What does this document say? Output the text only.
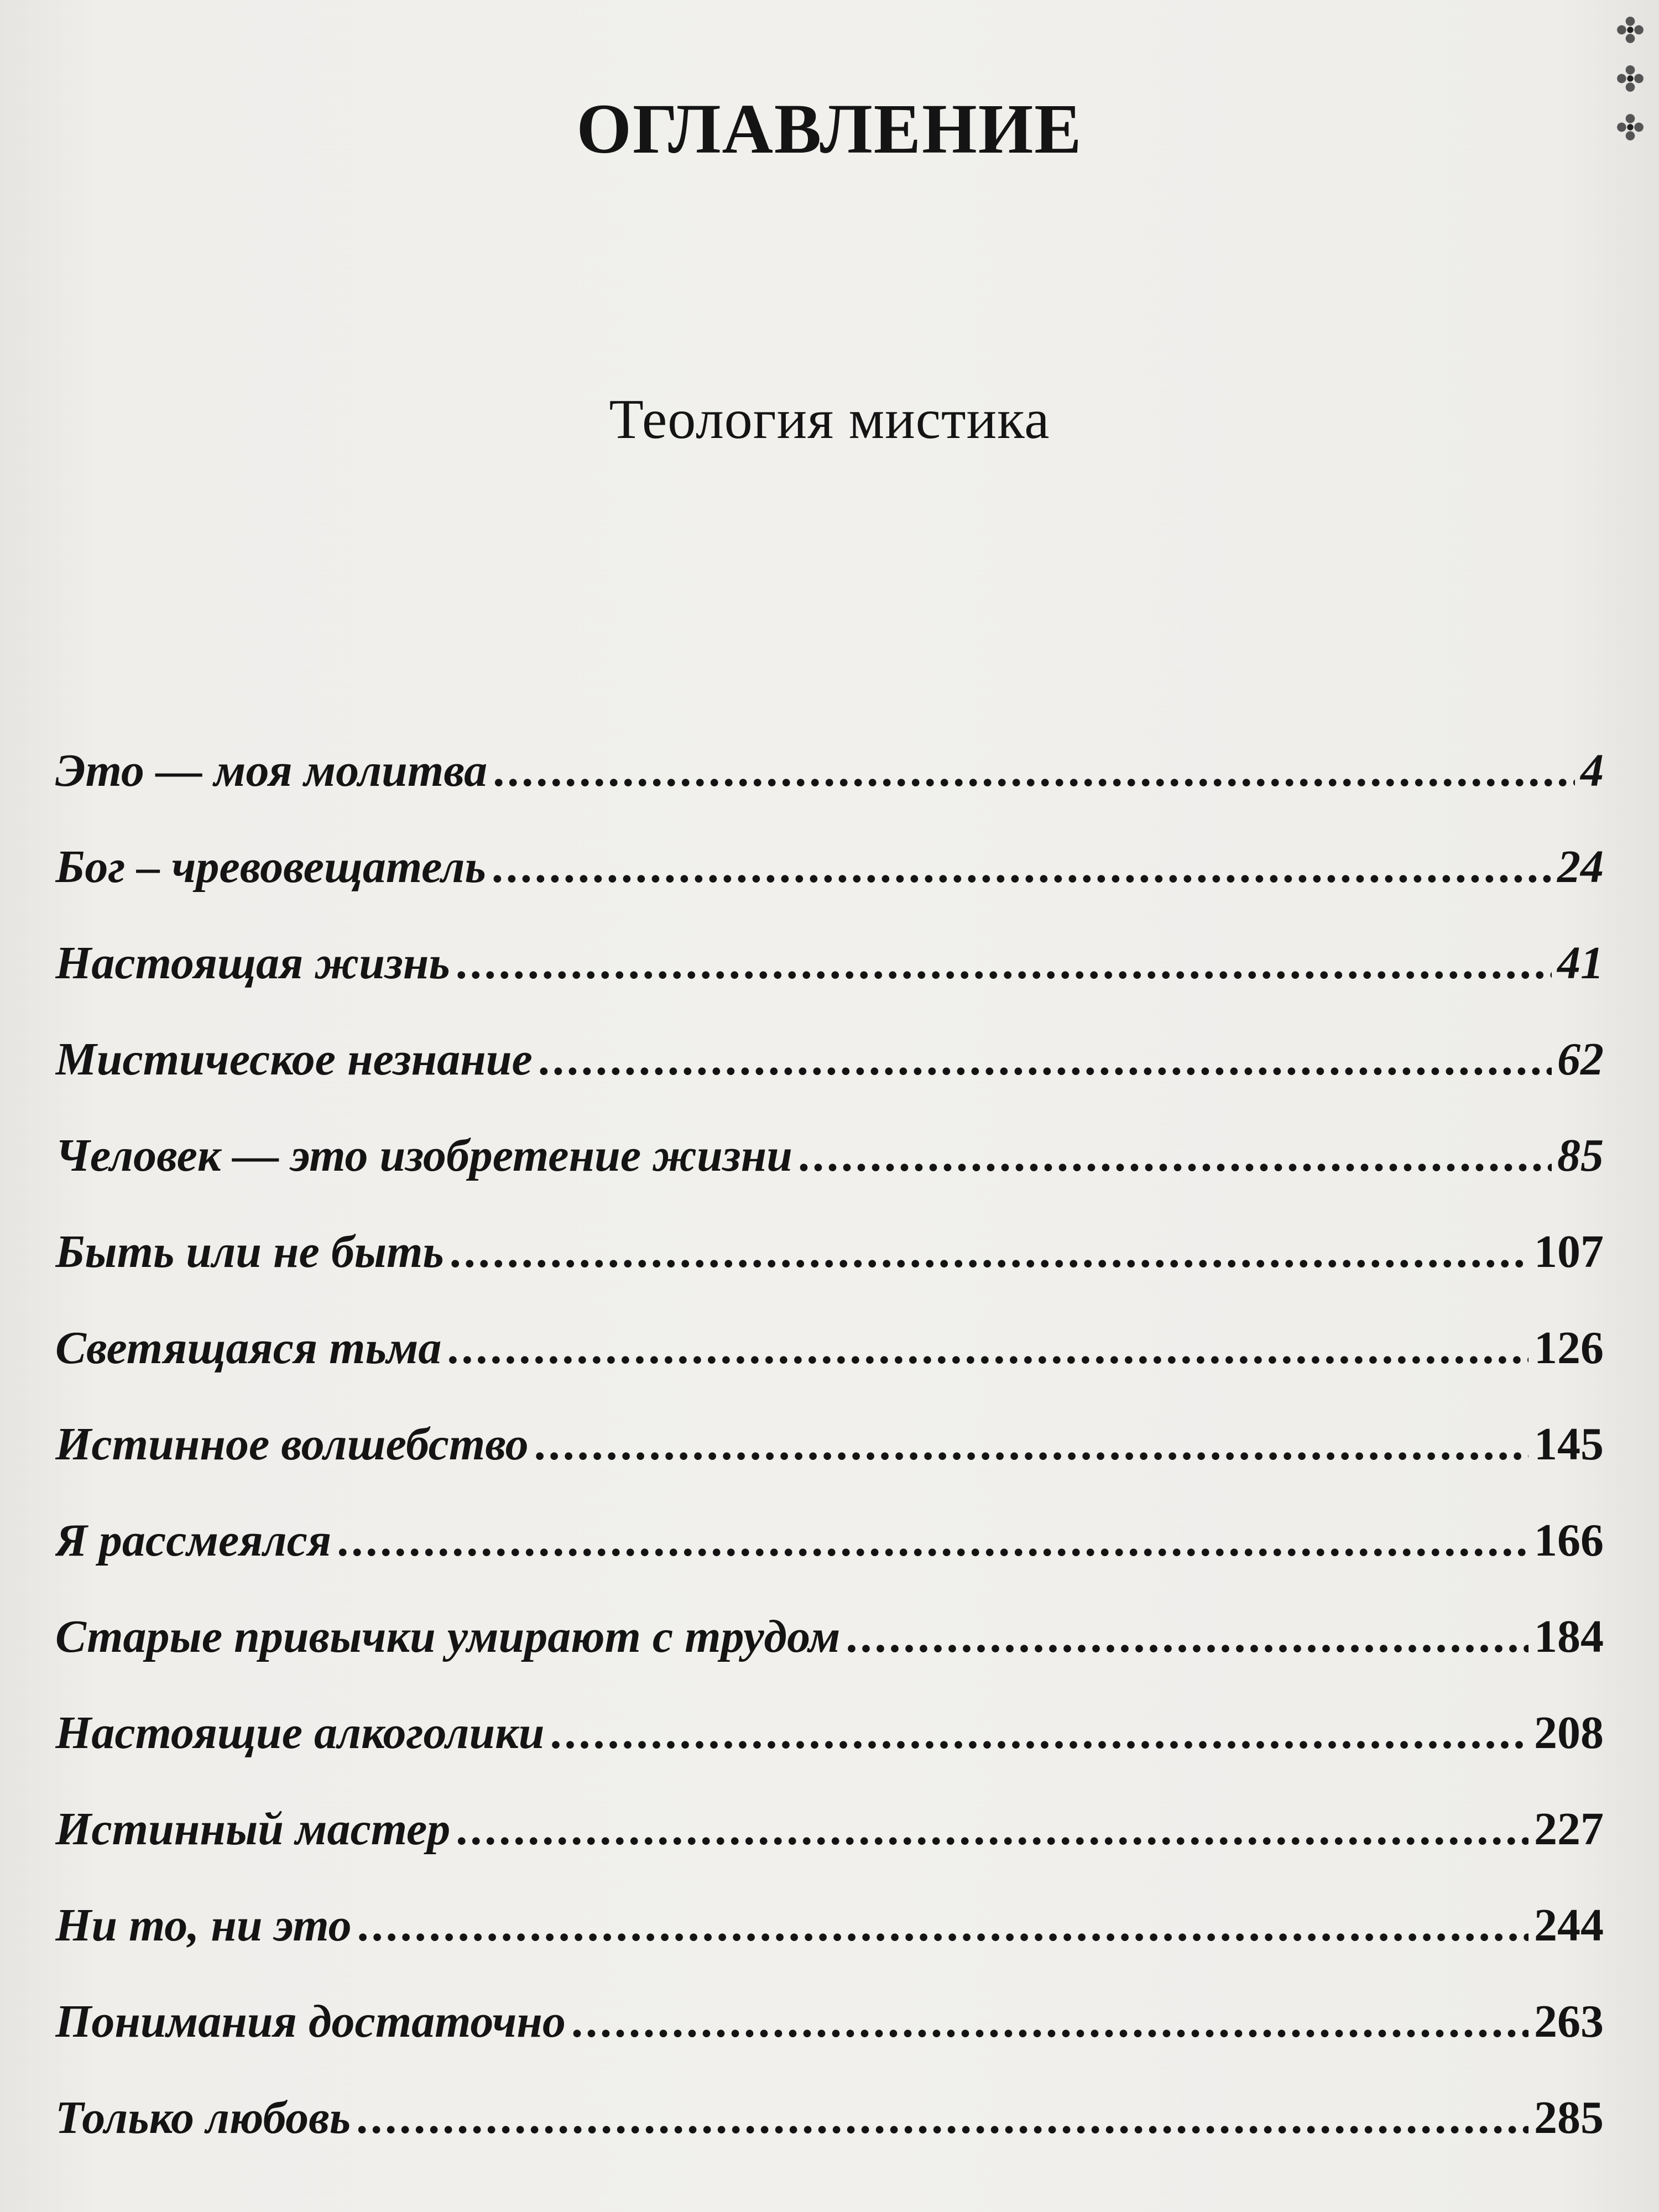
ОГЛАВЛЕНИЕ
Теология мистика
Это — моя молитва .....	4
Бог – чревовещатель .....	24
Настоящая жизнь .....	41
Мистическое незнание .....	62
Человек — это изобретение жизни .....	85
Быть или не быть .....	107
Светящаяся тьма .....	126
Истинное волшебство .....	145
Я рассмеялся .....	166
Старые привычки умирают с трудом .....	184
Настоящие алкоголики .....	208
Истинный мастер .....	227
Ни то, ни это .....	244
Понимания достаточно .....	263
Только любовь .....	285
